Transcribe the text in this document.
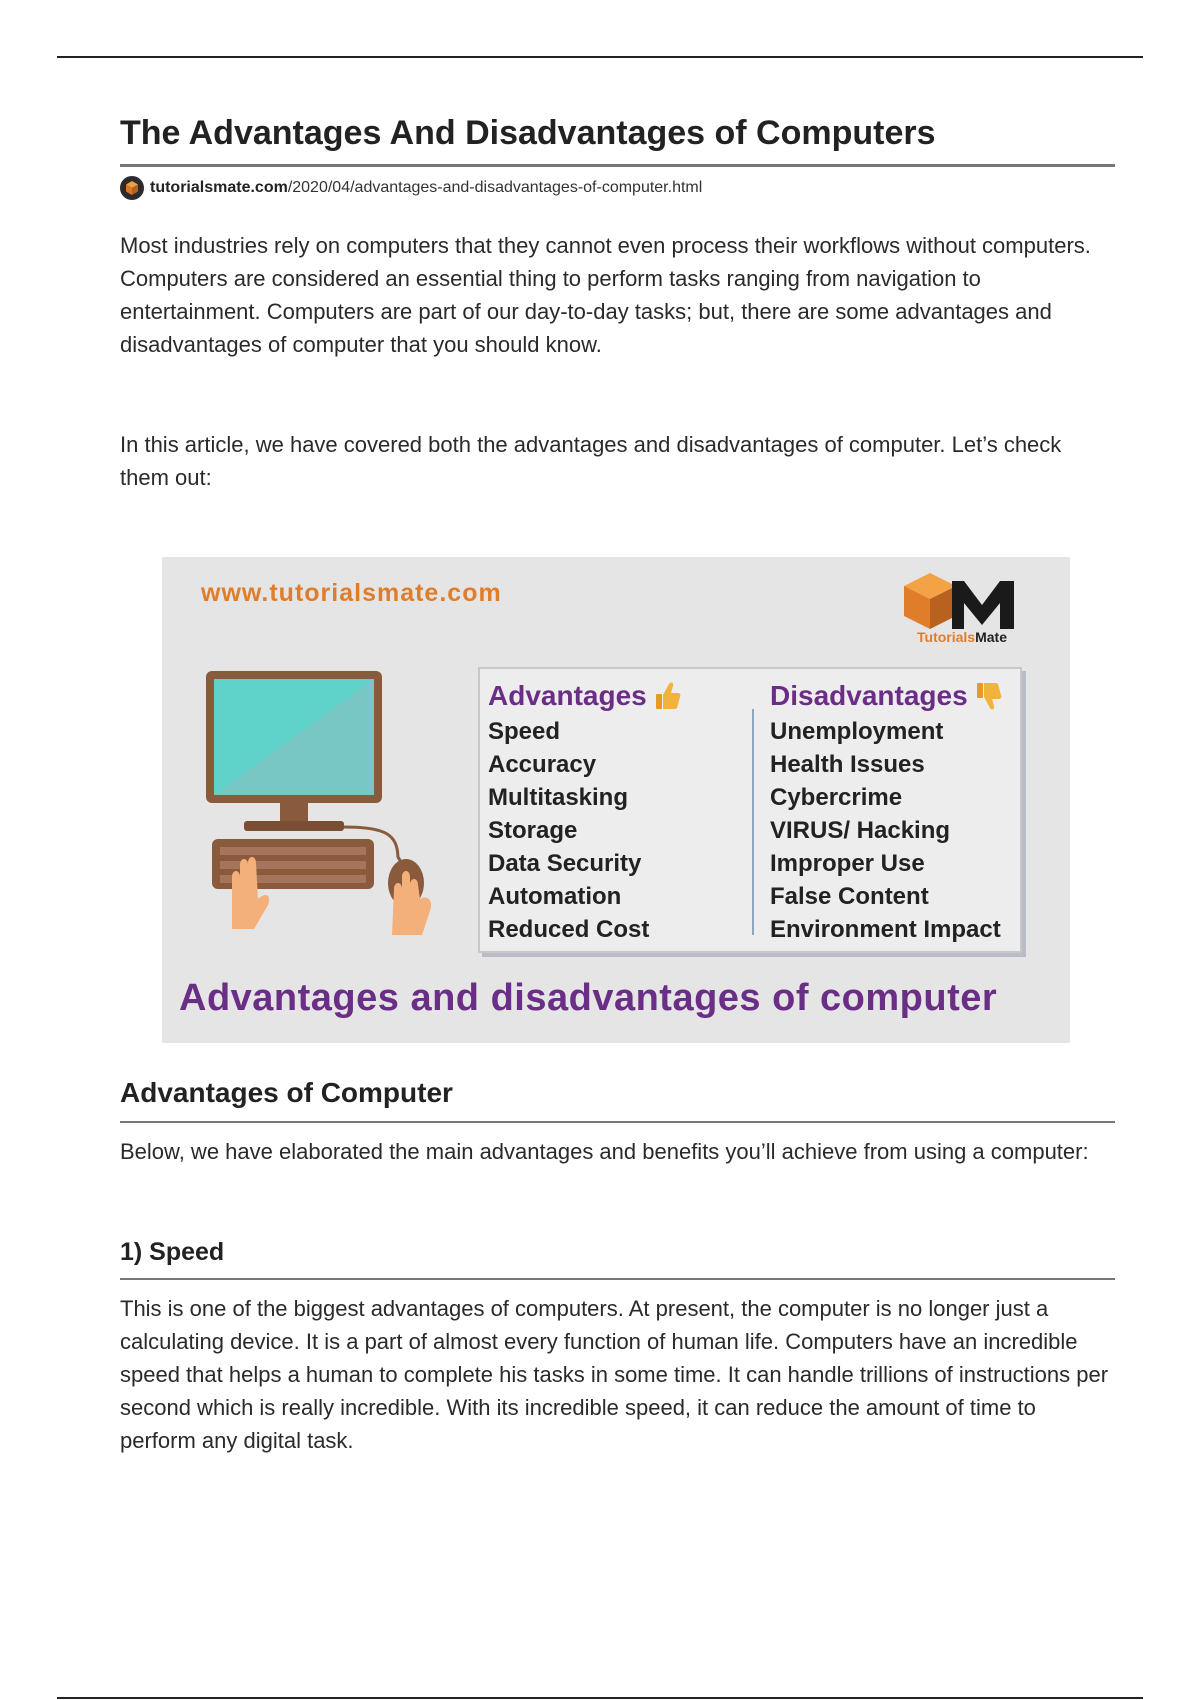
The Advantages And Disadvantages of Computers
tutorialsmate.com /2020/04/advantages-and-disadvantages-of-computer.html

Most industries rely on computers that they cannot even process their workflows without computers. Computers are considered an essential thing to perform tasks ranging from navigation to entertainment. Computers are part of our day-to-day tasks; but, there are some advantages and disadvantages of computer that you should know.

In this article, we have covered both the advantages and disadvantages of computer. Let’s check them out:

www.tutorialsmate.com
TutorialsMate
Advantages
Speed
Accuracy
Multitasking
Storage
Data Security
Automation
Reduced Cost
Disadvantages
Unemployment
Health Issues
Cybercrime
VIRUS/ Hacking
Improper Use
False Content
Environment Impact
Advantages and disadvantages of computer
Advantages of Computer

Below, we have elaborated the main advantages and benefits you’ll achieve from using a computer:

1) Speed

This is one of the biggest advantages of computers. At present, the computer is no longer just a calculating device. It is a part of almost every function of human life. Computers have an incredible speed that helps a human to complete his tasks in some time. It can handle trillions of instructions per second which is really incredible. With its incredible speed, it can reduce the amount of time to perform any digital task.
